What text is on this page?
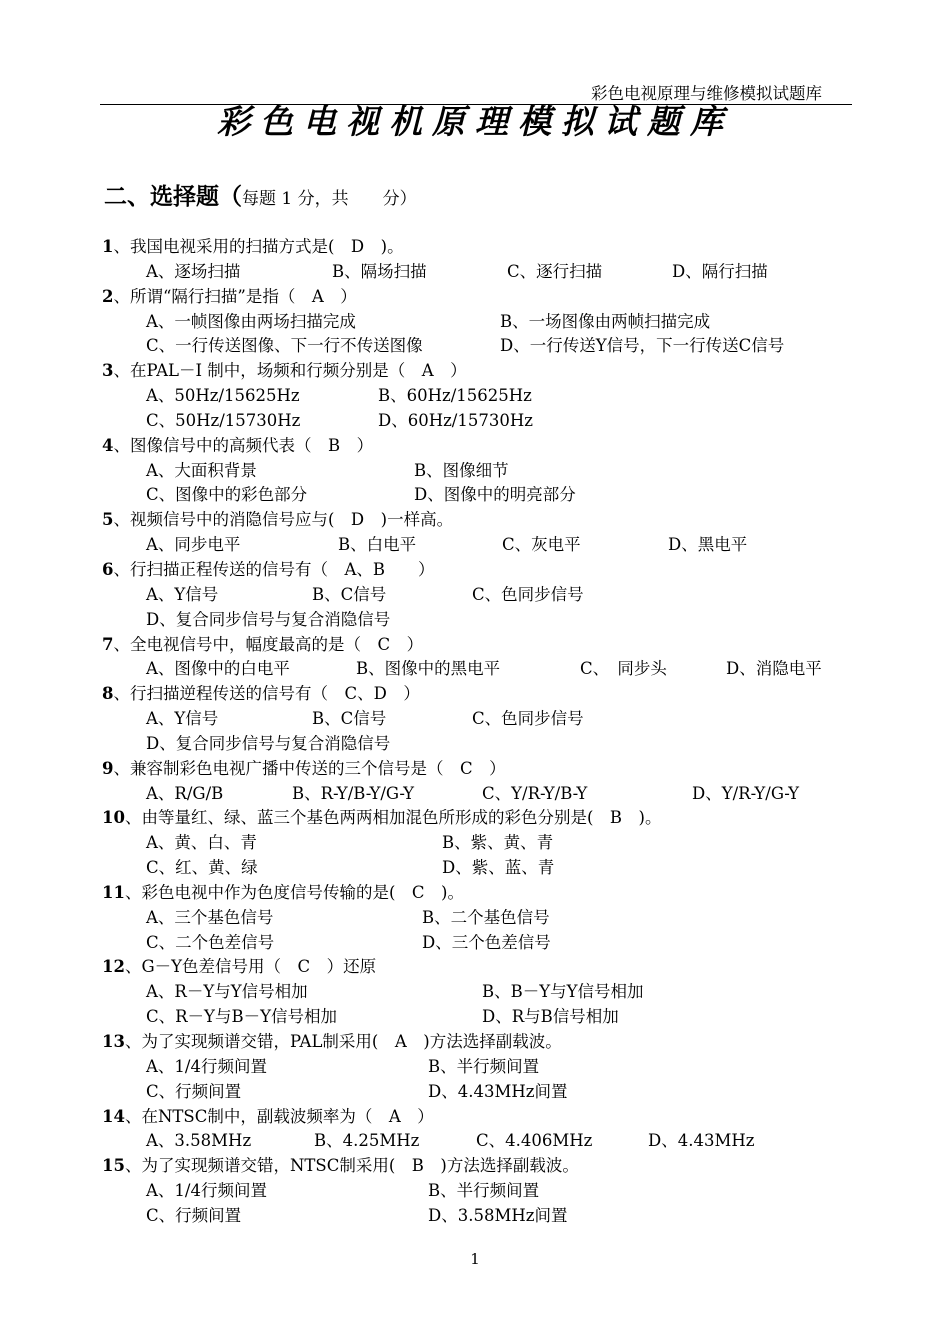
彩色电视原理与维修模拟试题库
彩色电视机原理模拟试题库
二、选择题（每题 1 分，共　　分）
1、我国电视采用的扫描方式是(　D　)。
A、逐场扫描	B、隔场扫描	C、逐行扫描	D、隔行扫描
2、所谓“隔行扫描”是指（　A　）
A、一帧图像由两场扫描完成	B、一场图像由两帧扫描完成
C、一行传送图像、下一行不传送图像	D、一行传送Y信号，下一行传送C信号
3、在PAL－I 制中，场频和行频分别是（　A　）
A、50Hz/15625Hz	B、60Hz/15625Hz
C、50Hz/15730Hz	D、60Hz/15730Hz
4、图像信号中的高频代表（　B　）
A、大面积背景	B、图像细节
C、图像中的彩色部分	D、图像中的明亮部分
5、视频信号中的消隐信号应与(　D　)一样高。
A、同步电平	B、白电平	C、灰电平	D、黑电平
6、行扫描正程传送的信号有（　A、B　　）
A、Y信号	B、C信号	C、色同步信号
D、复合同步信号与复合消隐信号
7、全电视信号中，幅度最高的是（　C　）
A、图像中的白电平	B、图像中的黑电平	C、　同步头	D、消隐电平
8、行扫描逆程传送的信号有（　C、D　）
A、Y信号	B、C信号	C、色同步信号
D、复合同步信号与复合消隐信号
9、兼容制彩色电视广播中传送的三个信号是（　C　）
A、R/G/B	B、R-Y/B-Y/G-Y	C、Y/R-Y/B-Y	D、Y/R-Y/G-Y
10、由等量红、绿、蓝三个基色两两相加混色所形成的彩色分别是(　B　)。
A、黄、白、青	B、紫、黄、青
C、红、黄、绿	D、紫、蓝、青
11、彩色电视中作为色度信号传输的是(　C　)。
A、三个基色信号	B、二个基色信号
C、二个色差信号	D、三个色差信号
12、G－Y色差信号用（　C　）还原
A、R－Y与Y信号相加	B、B－Y与Y信号相加
C、R－Y与B－Y信号相加	D、R与B信号相加
13、为了实现频谱交错，PAL制采用(　A　)方法选择副载波。
A、1/4行频间置	B、半行频间置
C、行频间置	D、4.43MHz间置
14、在NTSC制中，副载波频率为（　A　）
A、3.58MHz	B、4.25MHz	C、4.406MHz	D、4.43MHz
15、为了实现频谱交错，NTSC制采用(　B　)方法选择副载波。
A、1/4行频间置	B、半行频间置
C、行频间置	D、3.58MHz间置
1
